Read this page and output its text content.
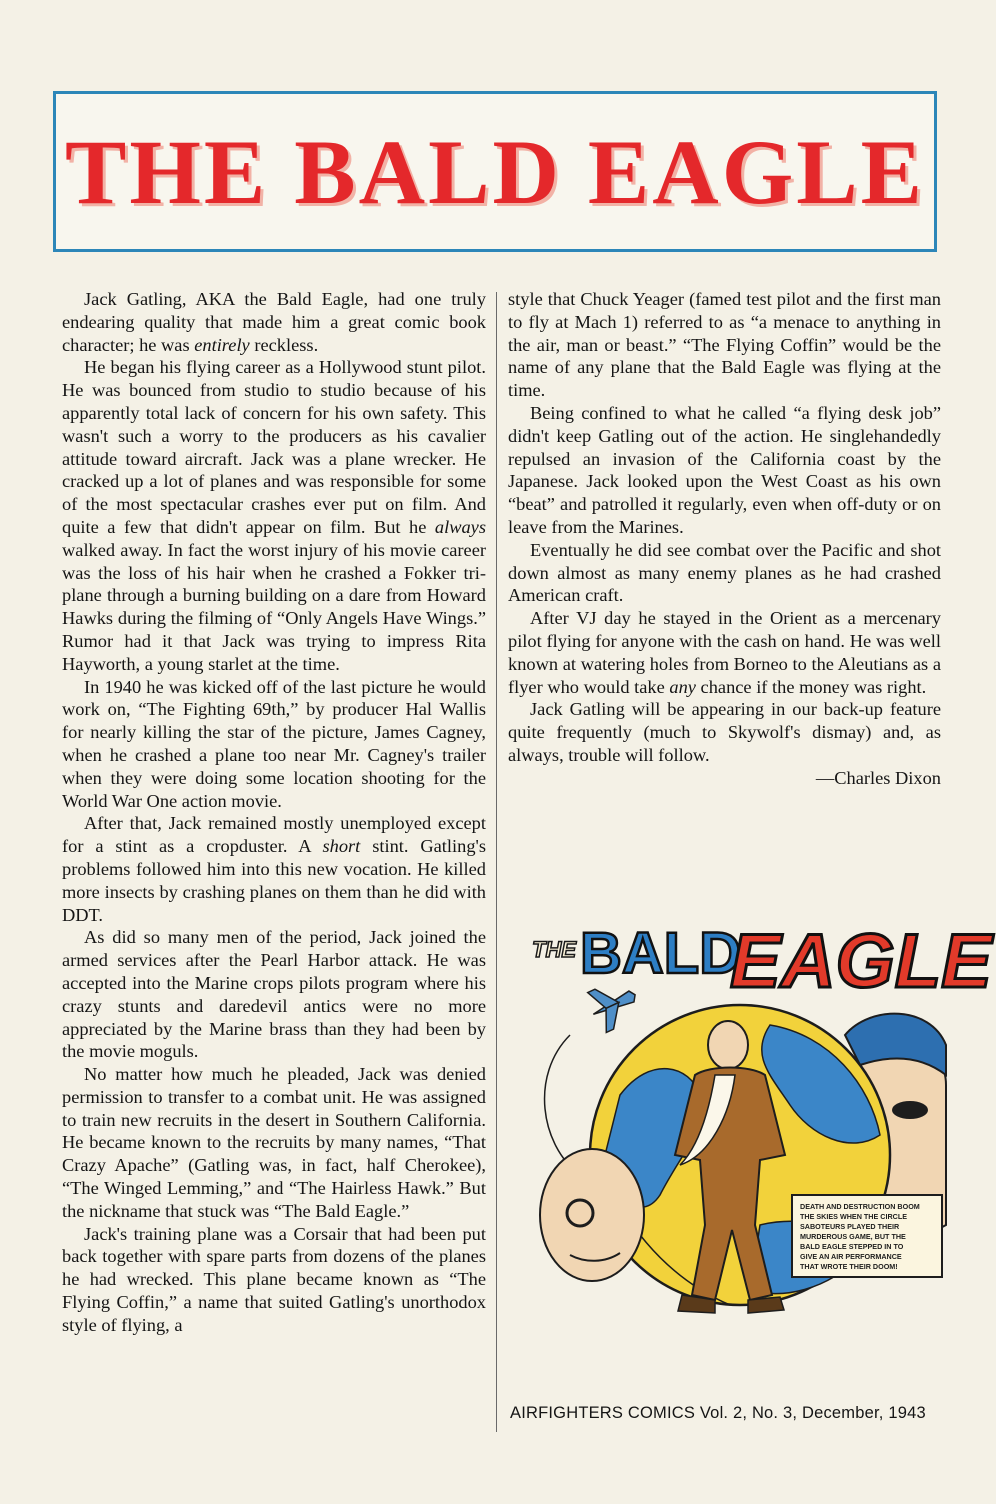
THE BALD EAGLE

Jack Gatling, AKA the Bald Eagle, had one truly endearing quality that made him a great comic book character; he was entirely reckless.

He began his flying career as a Hollywood stunt pilot. He was bounced from studio to studio because of his apparently total lack of concern for his own safety. This wasn't such a worry to the producers as his cavalier attitude toward aircraft. Jack was a plane wrecker. He cracked up a lot of planes and was responsible for some of the most spectacular crashes ever put on film. And quite a few that didn't appear on film. But he always walked away. In fact the worst injury of his movie career was the loss of his hair when he crashed a Fokker tri-plane through a burning building on a dare from Howard Hawks during the filming of “Only Angels Have Wings.” Rumor had it that Jack was trying to impress Rita Hayworth, a young starlet at the time.

In 1940 he was kicked off of the last picture he would work on, “The Fighting 69th,” by producer Hal Wallis for nearly killing the star of the picture, James Cagney, when he crashed a plane too near Mr. Cagney's trailer when they were doing some location shooting for the World War One action movie.

After that, Jack remained mostly unemployed except for a stint as a cropduster. A short stint. Gatling's problems followed him into this new vocation. He killed more insects by crashing planes on them than he did with DDT.

As did so many men of the period, Jack joined the armed services after the Pearl Harbor attack. He was accepted into the Marine crops pilots program where his crazy stunts and daredevil antics were no more appreciated by the Marine brass than they had been by the movie moguls.

No matter how much he pleaded, Jack was denied permission to transfer to a combat unit. He was assigned to train new recruits in the desert in Southern California. He became known to the recruits by many names, “That Crazy Apache” (Gatling was, in fact, half Cherokee), “The Winged Lemming,” and “The Hairless Hawk.” But the nickname that stuck was “The Bald Eagle.”

Jack's training plane was a Corsair that had been put back together with spare parts from dozens of the planes he had wrecked. This plane became known as “The Flying Coffin,” a name that suited Gatling's unorthodox style of flying, a

style that Chuck Yeager (famed test pilot and the first man to fly at Mach 1) referred to as “a menace to anything in the air, man or beast.” “The Flying Coffin” would be the name of any plane that the Bald Eagle was flying at the time.

Being confined to what he called “a flying desk job” didn't keep Gatling out of the action. He singlehandedly repulsed an invasion of the California coast by the Japanese. Jack looked upon the West Coast as his own “beat” and patrolled it regularly, even when off-duty or on leave from the Marines.

Eventually he did see combat over the Pacific and shot down almost as many enemy planes as he had crashed American craft.

After VJ day he stayed in the Orient as a mercenary pilot flying for anyone with the cash on hand. He was well known at watering holes from Borneo to the Aleutians as a flyer who would take any chance if the money was right.

Jack Gatling will be appearing in our back-up feature quite frequently (much to Skywolf's dismay) and, as always, trouble will follow.

—Charles Dixon

THE BALD
EAGLE
DEATH AND DESTRUCTION BOOM THE SKIES WHEN THE CIRCLE SABOTEURS PLAYED THEIR MURDEROUS GAME, BUT THE BALD EAGLE STEPPED IN TO GIVE AN AIR PERFORMANCE THAT WROTE THEIR DOOM!
AIRFIGHTERS COMICS Vol. 2, No. 3, December, 1943
